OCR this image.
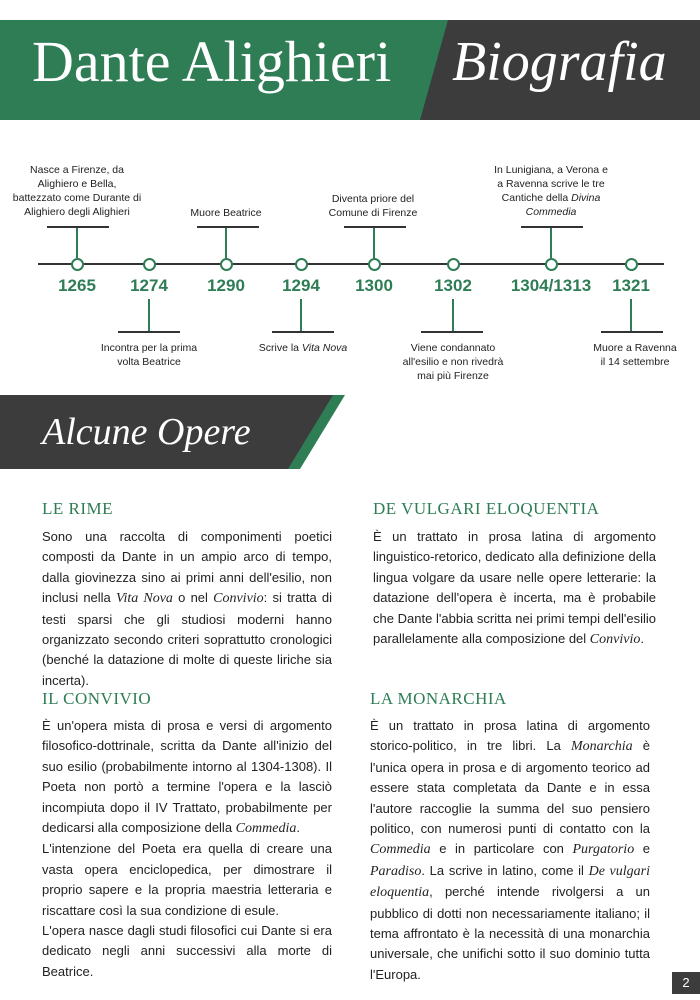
Dante Alighieri Biografia
1265	1274	1290	1294	1300	1302	1304/1313	1321
Nasce a Firenze, da Alighiero e Bella, battezzato come Durante di Alighiero degli Alighieri	Muore Beatrice
Diventa priore del Comune di Firenze
In Lunigiana, a Verona e a Ravenna scrive le tre Cantiche della Divina Commedia
Incontra per la prima volta Beatrice
Scrive la Vita Nova	Viene condannato all'esilio e non rivedrà mai più Firenze
Muore a Ravenna il 14 settembre
Alcune Opere
LE RIME

Sono una raccolta di componimenti poetici composti da Dante in un ampio arco di tempo, dalla giovinezza sino ai primi anni dell'esilio, non inclusi nella Vita Nova o nel Convivio: si tratta di testi sparsi che gli studiosi moderni hanno organizzato secondo criteri soprattutto cronologici (benché la datazione di molte di queste liriche sia incerta).

DE VULGARI ELOQUENTIA

È un trattato in prosa latina di argomento linguistico-retorico, dedicato alla definizione della lingua volgare da usare nelle opere letterarie: la datazione dell'opera è incerta, ma è probabile che Dante l'abbia scritta nei primi tempi dell'esilio parallelamente alla composizione del Convivio.

IL CONVIVIO

È un'opera mista di prosa e versi di argomento filosofico-dottrinale, scritta da Dante all'inizio del suo esilio (probabilmente intorno al 1304-1308). Il Poeta non portò a termine l'opera e la lasciò incompiuta dopo il IV Trattato, probabilmente per dedicarsi alla composizione della Commedia.

L'intenzione del Poeta era quella di creare una vasta opera enciclopedica, per dimostrare il proprio sapere e la propria maestria letteraria e riscattare così la sua condizione di esule.

L'opera nasce dagli studi filosofici cui Dante si era dedicato negli anni successivi alla morte di Beatrice.

LA MONARCHIA

È un trattato in prosa latina di argomento storico-politico, in tre libri. La Monarchia è l'unica opera in prosa e di argomento teorico ad essere stata completata da Dante e in essa l'autore raccoglie la summa del suo pensiero politico, con numerosi punti di contatto con la Commedia e in particolare con Purgatorio e Paradiso. La scrive in latino, come il De vulgari eloquentia, perché intende rivolgersi a un pubblico di dotti non necessariamente italiano; il tema affrontato è la necessità di una monarchia universale, che unifichi sotto il suo dominio tutta l'Europa.

2
